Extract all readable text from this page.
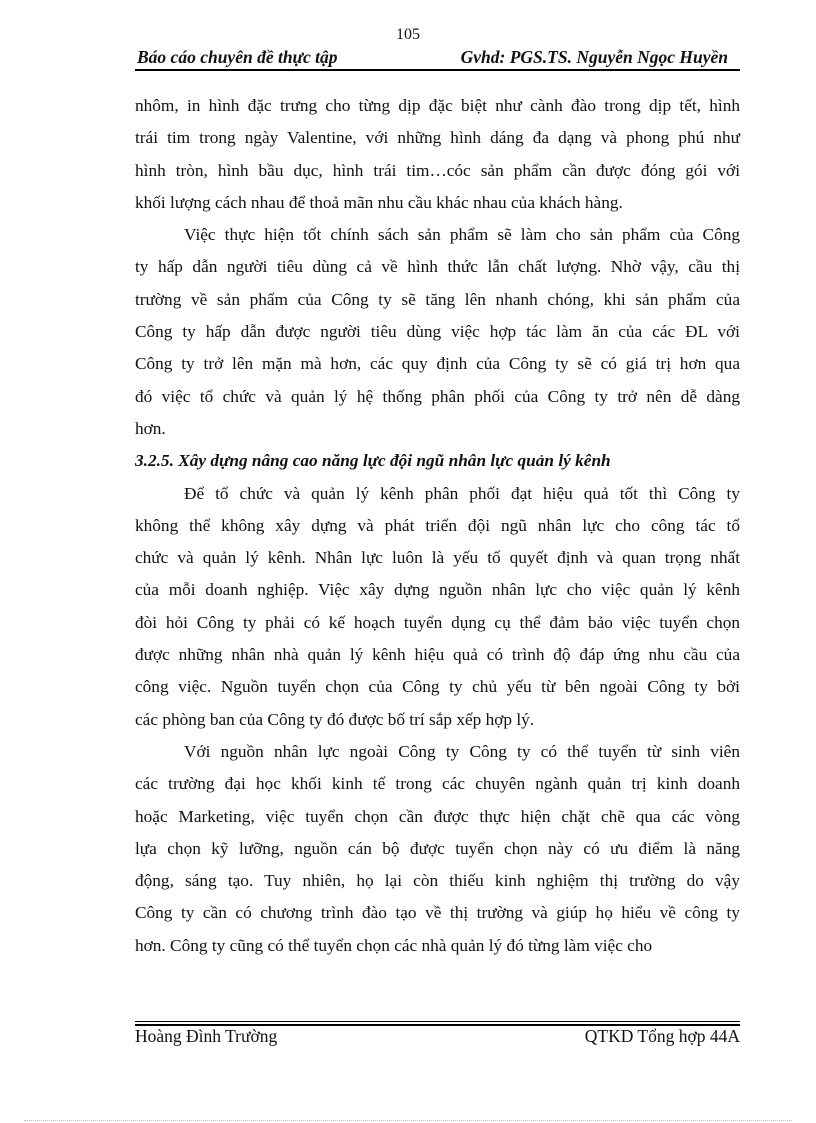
105
Báo cáo chuyên đề thực tập	Gvhd: PGS.TS. Nguyễn Ngọc Huyền
nhôm, in hình đặc trưng cho từng dịp đặc biệt như cành đào trong dịp tết, hình
trái tim trong ngày Valentine, với những hình dáng đa dạng và phong phú như
hình tròn, hình bầu dục, hình trái tim…cóc sản phẩm cần được đóng gói với
khối lượng cách nhau để thoả mãn nhu cầu khác nhau của khách hàng.
Việc thực hiện tốt chính sách sản phẩm sẽ làm cho sản phẩm của Công
ty hấp dẫn người tiêu dùng cả về hình thức lẫn chất lượng. Nhờ vậy, cầu thị
trường về sản phẩm của Công ty sẽ tăng lên nhanh chóng, khi sản phẩm của
Công ty hấp dẫn được người tiêu dùng việc hợp tác làm ăn của các ĐL với
Công ty trở lên mặn mà hơn, các quy định của Công ty sẽ có giá trị hơn qua
đó việc tổ chức và quản lý hệ thống phân phối của Công ty trở nên dễ dàng
hơn.
3.2.5. Xây dựng nâng cao năng lực đội ngũ nhân lực quản lý kênh
Để tổ chức và quản lý kênh phân phối đạt hiệu quả tốt thì Công ty
không thể không xây dựng và phát triển đội ngũ nhân lực cho công tác tổ
chức và quản lý kênh. Nhân lực luôn là yếu tố quyết định và quan trọng nhất
của mỗi doanh nghiệp. Việc xây dựng nguồn nhân lực cho việc quản lý kênh
đòi hỏi Công ty phải có kế hoạch tuyển dụng cụ thể đảm bảo việc tuyển chọn
được những nhân nhà quản lý kênh hiệu quả có trình độ đáp ứng nhu cầu của
công việc. Nguồn tuyển chọn của Công ty chủ yếu từ bên ngoài Công ty bởi
các phòng ban của Công ty đó được bố trí sắp xếp hợp lý.
Với nguồn nhân lực ngoài Công ty Công ty có thể tuyển từ sinh viên
các trường đại học khối kinh tế trong các chuyên ngành quản trị kinh doanh
hoặc Marketing, việc tuyển chọn cần được thực hiện chặt chẽ qua các vòng
lựa chọn kỹ lưỡng, nguồn cán bộ được tuyển chọn này có ưu điểm là năng
động, sáng tạo. Tuy nhiên, họ lại còn thiếu kinh nghiệm thị trường do vậy
Công ty cần có chương trình đào tạo về thị trường và giúp họ hiểu về công ty
hơn. Công ty cũng có thể tuyển chọn các nhà quản lý đó từng làm việc cho
Hoàng Đình Trường	QTKD Tổng hợp 44A
